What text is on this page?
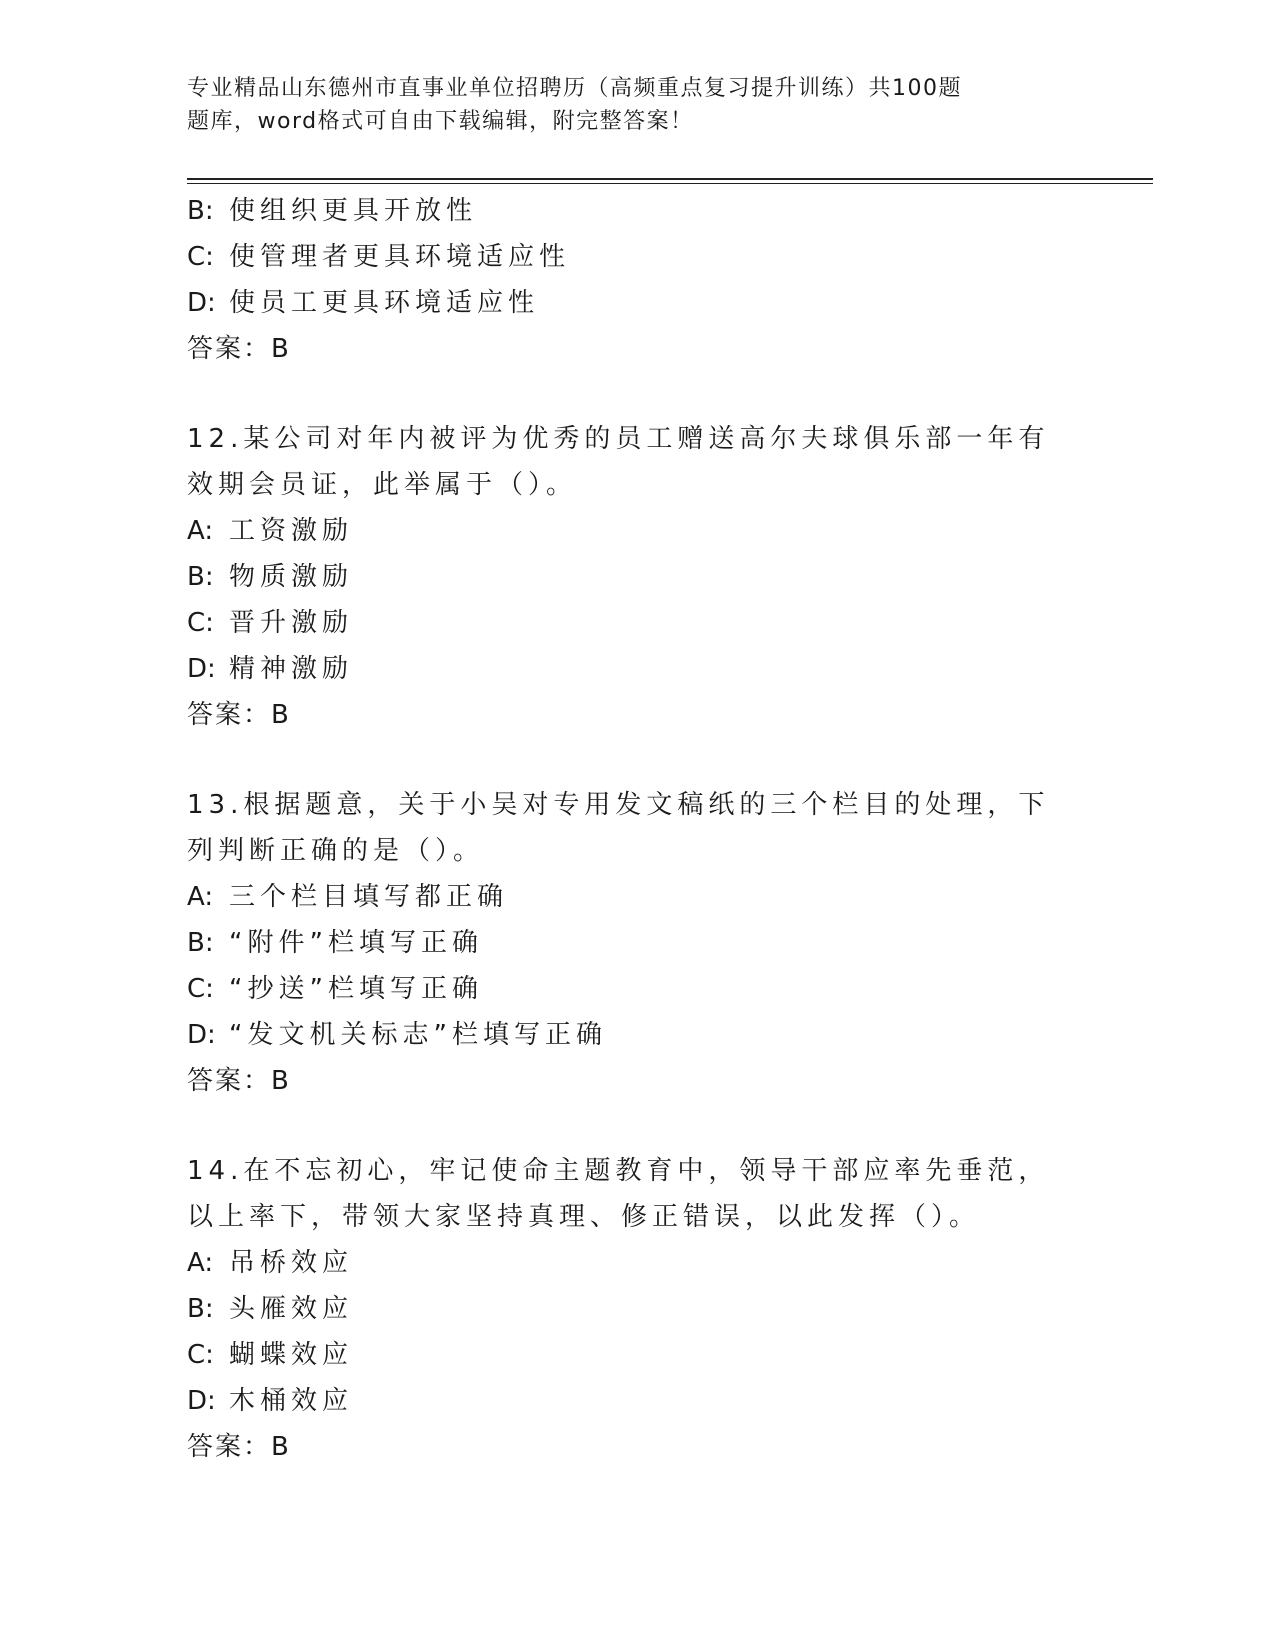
专业精品山东德州市直事业单位招聘历（高频重点复习提升训练）共100题
题库，word格式可自由下载编辑，附完整答案！
B: 使组织更具开放性
C: 使管理者更具环境适应性
D: 使员工更具环境适应性
答案：B
12.某公司对年内被评为优秀的员工赠送高尔夫球俱乐部一年有效期会员证，此举属于（）。
A: 工资激励
B: 物质激励
C: 晋升激励
D: 精神激励
答案：B
13.根据题意，关于小吴对专用发文稿纸的三个栏目的处理，下列判断正确的是（）。
A: 三个栏目填写都正确
B: “附件”栏填写正确
C: “抄送”栏填写正确
D: “发文机关标志”栏填写正确
答案：B
14.在不忘初心，牢记使命主题教育中，领导干部应率先垂范，以上率下，带领大家坚持真理、修正错误，以此发挥（）。
A: 吊桥效应
B: 头雁效应
C: 蝴蝶效应
D: 木桶效应
答案：B
